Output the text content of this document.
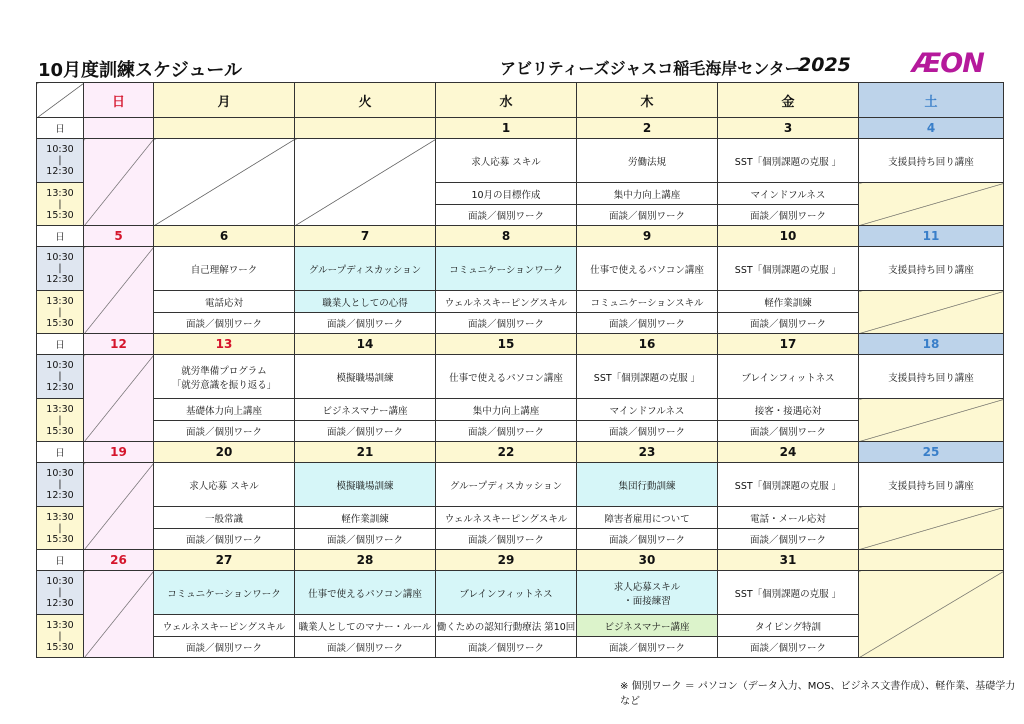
10月度訓練スケジュール	アビリティーズジャスコ稲毛海岸センター
2025 ÆON
	日	月	火	水	木	金	土
日				1	2	3	4
10:30
|
12:30				求人応募 スキル	労働法規	SST「個別課題の克服 」	支援員持ち回り講座
13:30
|
15:30				10月の目標作成	集中力向上講座	マインドフルネス	
				面談／個別ワーク	面談／個別ワーク	面談／個別ワーク	
日	5	6	7	8	9	10	11
10:30
|
12:30		自己理解ワーク	グループディスカッション	コミュニケーションワーク	仕事で使えるパソコン講座	SST「個別課題の克服 」	支援員持ち回り講座
13:30
|
15:30		電話応対	職業人としての心得	ウェルネスキーピングスキル	コミュニケーションスキル	軽作業訓練	
		面談／個別ワーク	面談／個別ワーク	面談／個別ワーク	面談／個別ワーク	面談／個別ワーク	
日	12	13	14	15	16	17	18
10:30
|
12:30		就労準備プログラム
「就労意識を振り返る」	模擬職場訓練	仕事で使えるパソコン講座	SST「個別課題の克服 」	ブレインフィットネス	支援員持ち回り講座
13:30
|
15:30		基礎体力向上講座	ビジネスマナー講座	集中力向上講座	マインドフルネス	接客・接遇応対	
		面談／個別ワーク	面談／個別ワーク	面談／個別ワーク	面談／個別ワーク	面談／個別ワーク	
日	19	20	21	22	23	24	25
10:30
|
12:30		求人応募 スキル	模擬職場訓練	グループディスカッション	集団行動訓練	SST「個別課題の克服 」	支援員持ち回り講座
13:30
|
15:30		一般常識	軽作業訓練	ウェルネスキーピングスキル	障害者雇用について	電話・メール応対	
		面談／個別ワーク	面談／個別ワーク	面談／個別ワーク	面談／個別ワーク	面談／個別ワーク	
日	26	27	28	29	30	31	
10:30
|
12:30		コミュニケーションワーク	仕事で使えるパソコン講座	ブレインフィットネス	求人応募スキル
・面接練習	SST「個別課題の克服 」	
13:30
|
15:30		ウェルネスキーピングスキル	職業人としてのマナー・ルール	働くための認知行動療法 第10回	ビジネスマナー講座	タイピング特訓	
		面談／個別ワーク	面談／個別ワーク	面談／個別ワーク	面談／個別ワーク	面談／個別ワーク	
※ 個別ワーク ＝ パソコン（データ入力、MOS、ビジネス文書作成）、軽作業、基礎学力など
